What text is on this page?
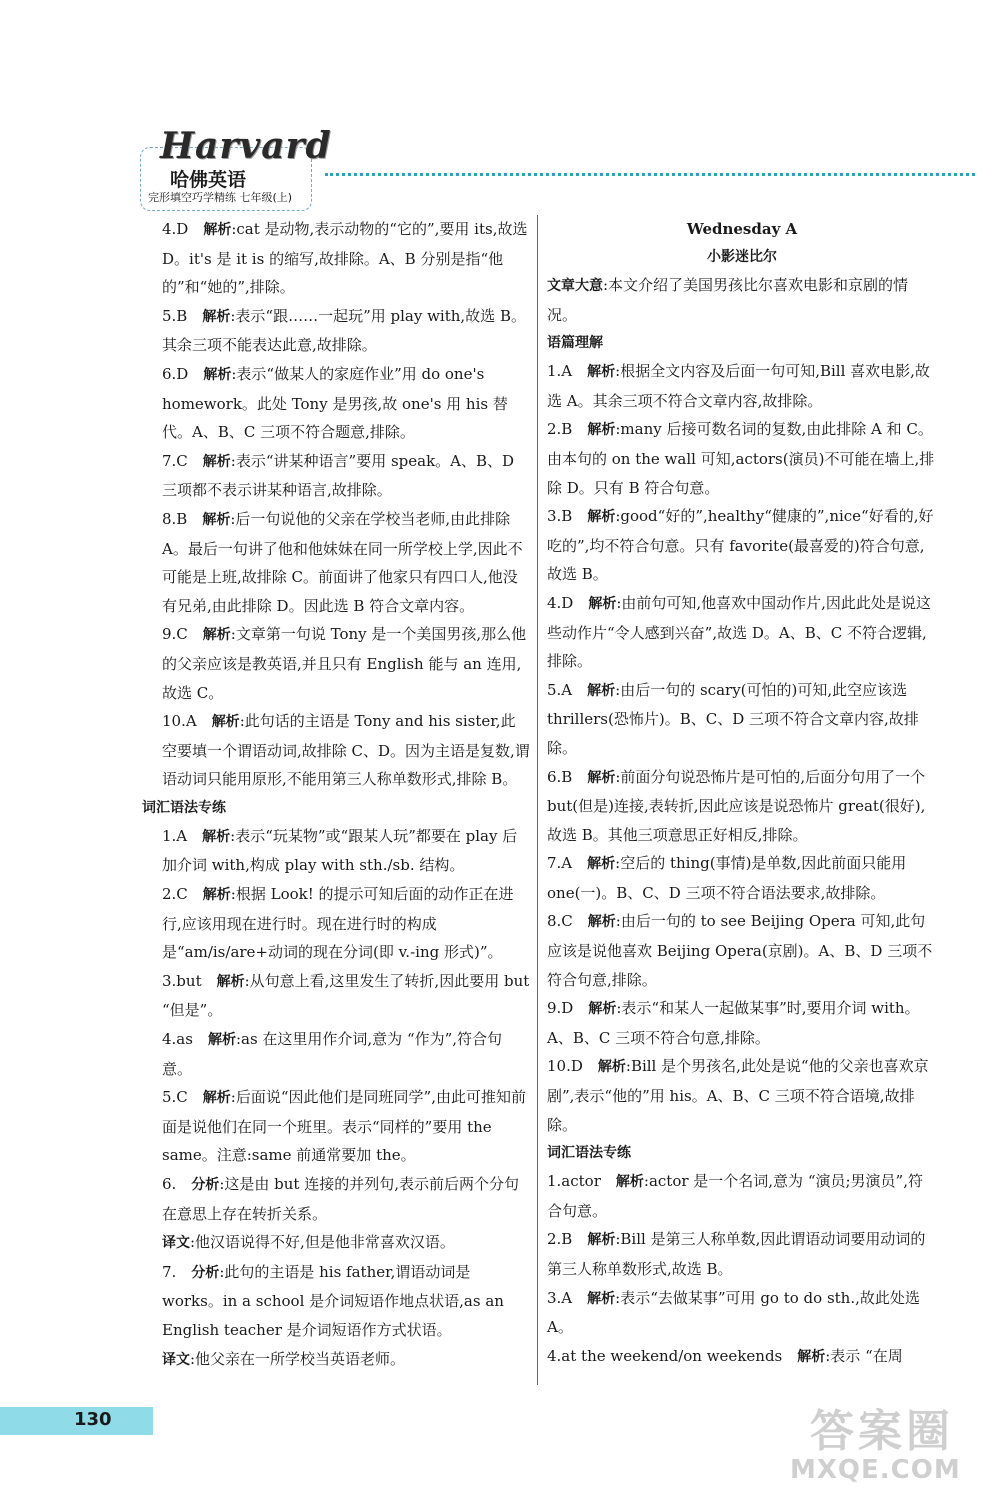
Harvard
哈佛英语
完形填空巧学精练 七年级(上)
4.D  解析:cat 是动物,表示动物的“它的”,要用 its,故选 D。it's 是 it is 的缩写,故排除。A、B 分别是指“他的”和“她的”,排除。
5.B  解析:表示“跟……一起玩”用 play with,故选 B。其余三项不能表达此意,故排除。
6.D  解析:表示“做某人的家庭作业”用 do one's homework。此处 Tony 是男孩,故 one's 用 his 替代。A、B、C 三项不符合题意,排除。
7.C  解析:表示“讲某种语言”要用 speak。A、B、D 三项都不表示讲某种语言,故排除。
8.B  解析:后一句说他的父亲在学校当老师,由此排除 A。最后一句讲了他和他妹妹在同一所学校上学,因此不可能是上班,故排除 C。前面讲了他家只有四口人,他没有兄弟,由此排除 D。因此选 B 符合文章内容。
9.C  解析:文章第一句说 Tony 是一个美国男孩,那么他的父亲应该是教英语,并且只有 English 能与 an 连用,故选 C。
10.A  解析:此句话的主语是 Tony and his sister,此空要填一个谓语动词,故排除 C、D。因为主语是复数,谓语动词只能用原形,不能用第三人称单数形式,排除 B。
词汇语法专练
1.A  解析:表示“玩某物”或“跟某人玩”都要在 play 后加介词 with,构成 play with sth./sb. 结构。
2.C  解析:根据 Look! 的提示可知后面的动作正在进行,应该用现在进行时。现在进行时的构成是“am/is/are+动词的现在分词(即 v.-ing 形式)”。
3.but  解析:从句意上看,这里发生了转折,因此要用 but “但是”。
4.as  解析:as 在这里用作介词,意为 “作为”,符合句意。
5.C  解析:后面说“因此他们是同班同学”,由此可推知前面是说他们在同一个班里。表示“同样的”要用 the same。注意:same 前通常要加 the。
6.  分析:这是由 but 连接的并列句,表示前后两个分句在意思上存在转折关系。
译文:他汉语说得不好,但是他非常喜欢汉语。
7.  分析:此句的主语是 his father,谓语动词是 works。in a school 是介词短语作地点状语,as an English teacher 是介词短语作方式状语。
译文:他父亲在一所学校当英语老师。
Wednesday A
小影迷比尔
文章大意:本文介绍了美国男孩比尔喜欢电影和京剧的情况。
语篇理解
1.A  解析:根据全文内容及后面一句可知,Bill 喜欢电影,故选 A。其余三项不符合文章内容,故排除。
2.B  解析:many 后接可数名词的复数,由此排除 A 和 C。由本句的 on the wall 可知,actors(演员)不可能在墙上,排除 D。只有 B 符合句意。
3.B  解析:good“好的”,healthy“健康的”,nice“好看的,好吃的”,均不符合句意。只有 favorite(最喜爱的)符合句意,故选 B。
4.D  解析:由前句可知,他喜欢中国动作片,因此此处是说这些动作片“令人感到兴奋”,故选 D。A、B、C 不符合逻辑,排除。
5.A  解析:由后一句的 scary(可怕的)可知,此空应该选 thrillers(恐怖片)。B、C、D 三项不符合文章内容,故排除。
6.B  解析:前面分句说恐怖片是可怕的,后面分句用了一个 but(但是)连接,表转折,因此应该是说恐怖片 great(很好),故选 B。其他三项意思正好相反,排除。
7.A  解析:空后的 thing(事情)是单数,因此前面只能用 one(一)。B、C、D 三项不符合语法要求,故排除。
8.C  解析:由后一句的 to see Beijing Opera 可知,此句应该是说他喜欢 Beijing Opera(京剧)。A、B、D 三项不符合句意,排除。
9.D  解析:表示“和某人一起做某事”时,要用介词 with。A、B、C 三项不符合句意,排除。
10.D  解析:Bill 是个男孩名,此处是说“他的父亲也喜欢京剧”,表示“他的”用 his。A、B、C 三项不符合语境,故排除。
词汇语法专练
1.actor  解析:actor 是一个名词,意为 “演员;男演员”,符合句意。
2.B  解析:Bill 是第三人称单数,因此谓语动词要用动词的第三人称单数形式,故选 B。
3.A  解析:表示“去做某事”可用 go to do sth.,故此处选 A。
4.at the weekend/on weekends  解析:表示 “在周
130	答案圈
MXQE.COM
